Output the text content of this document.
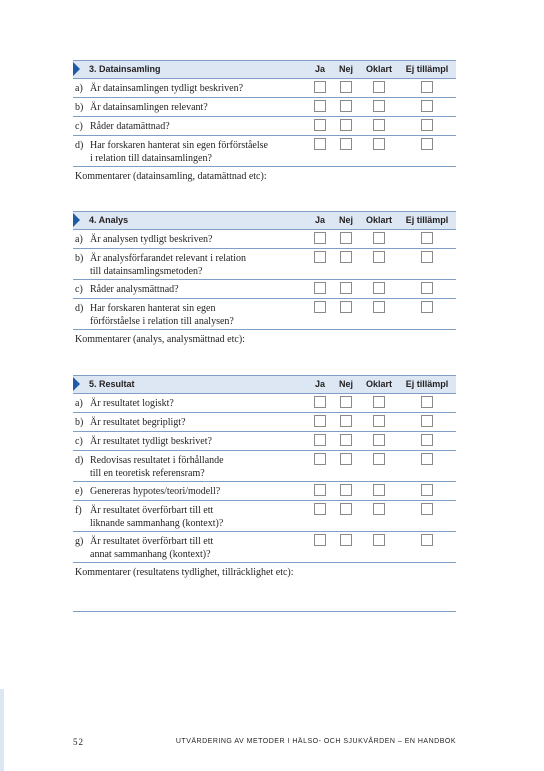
3. Datainsamling	Ja	Nej	Oklart	Ej tillämpl
a) Är datainsamlingen tydligt beskriven?
b) Är datainsamlingen relevant?
c) Råder datamättnad?
d) Har forskaren hanterat sin egen förförståelse
i relation till datainsamlingen?
Kommentarer (datainsamling, datamättnad etc):
4. Analys	Ja	Nej	Oklart	Ej tillämpl
a) Är analysen tydligt beskriven?
b) Är analysförfarandet relevant i relation
till datainsamlingsmetoden?
c) Råder analysmättnad?
d) Har forskaren hanterat sin egen
förförståelse i relation till analysen?
Kommentarer (analys, analysmättnad etc):
5. Resultat	Ja	Nej	Oklart	Ej tillämpl
a) Är resultatet logiskt?
b) Är resultatet begripligt?
c) Är resultatet tydligt beskrivet?
d) Redovisas resultatet i förhållande
till en teoretisk referensram?
e) Genereras hypotes/teori/modell?
f) Är resultatet överförbart till ett
liknande sammanhang (kontext)?
g) Är resultatet överförbart till ett
annat sammanhang (kontext)?
Kommentarer (resultatens tydlighet, tillräcklighet etc):
52	UTVÄRDERING AV METODER I HÄLSO- OCH SJUKVÅRDEN – EN HANDBOK
